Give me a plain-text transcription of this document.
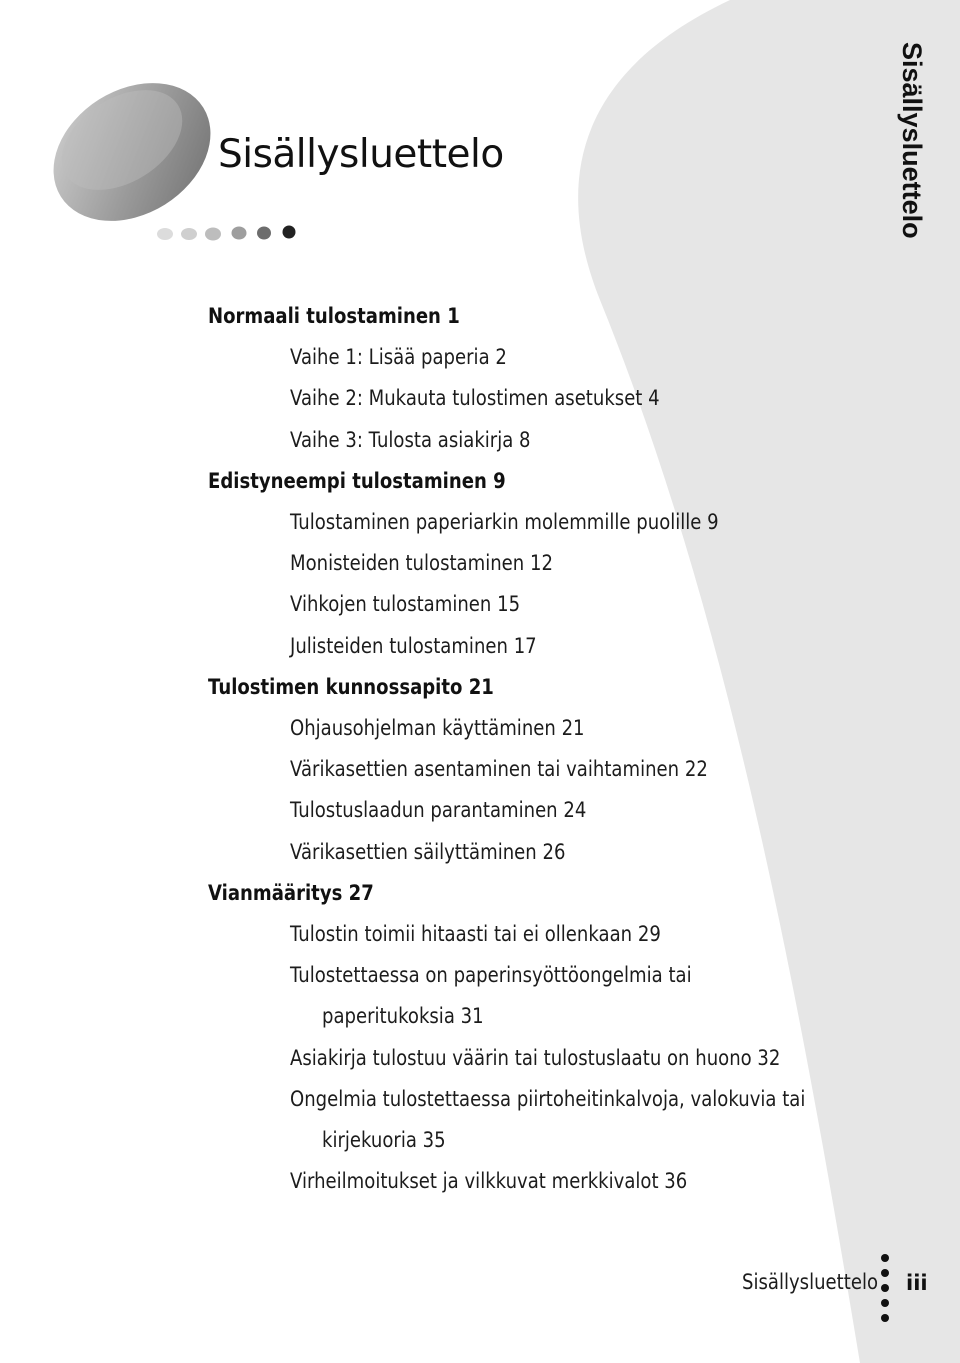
Sisällysluettelo	Sisällysluettelo
Normaali tulostaminen 1
Vaihe 1: Lisää paperia 2
Vaihe 2: Mukauta tulostimen asetukset 4
Vaihe 3: Tulosta asiakirja 8
Edistyneempi tulostaminen 9
Tulostaminen paperiarkin molemmille puolille 9
Monisteiden tulostaminen 12
Vihkojen tulostaminen 15
Julisteiden tulostaminen 17
Tulostimen kunnossapito 21
Ohjausohjelman käyttäminen 21
Värikasettien asentaminen tai vaihtaminen 22
Tulostuslaadun parantaminen 24
Värikasettien säilyttäminen 26
Vianmääritys 27
Tulostin toimii hitaasti tai ei ollenkaan 29
Tulostettaessa on paperinsyöttöongelmia tai
paperitukoksia 31
Asiakirja tulostuu väärin tai tulostuslaatu on huono 32
Ongelmia tulostettaessa piirtoheitinkalvoja, valokuvia tai
kirjekuoria 35
Virheilmoitukset ja vilkkuvat merkkivalot 36
Sisällysluettelo iii
